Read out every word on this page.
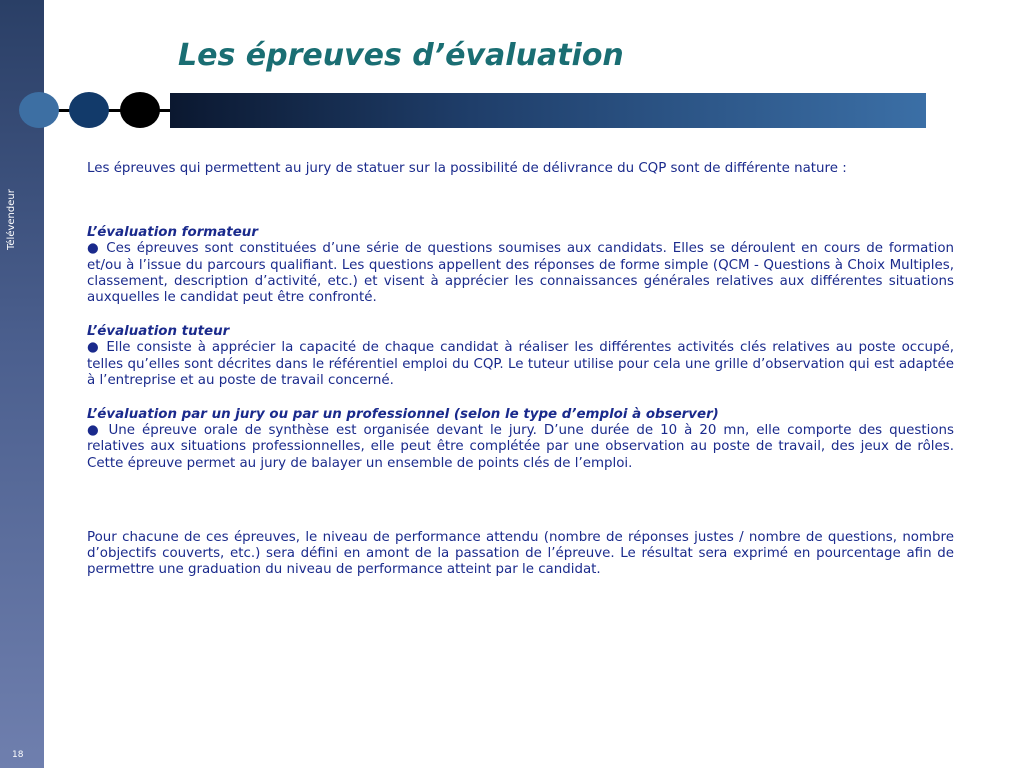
Télévendeur
18
Les épreuves d’évaluation

Les épreuves qui permettent au jury de statuer sur la possibilité de délivrance du CQP sont de différente nature :

L’évaluation formateur

● Ces épreuves sont constituées d’une série de questions soumises aux candidats. Elles se déroulent en cours de formation et/ou à l’issue du parcours qualifiant. Les questions appellent des réponses de forme simple (QCM - Questions à Choix Multiples, classement, description d’activité, etc.) et visent à apprécier les connaissances générales relatives aux différentes situations auxquelles le candidat peut être confronté.

L’évaluation tuteur

● Elle consiste à apprécier la capacité de chaque candidat à réaliser les différentes activités clés relatives au poste occupé, telles qu’elles sont décrites dans le référentiel emploi du CQP. Le tuteur utilise pour cela une grille d’observation qui est adaptée à l’entreprise et au poste de travail concerné.

L’évaluation par un jury ou par un professionnel (selon le type d’emploi à observer)

● Une épreuve orale de synthèse est organisée devant le jury. D’une durée de 10 à 20 mn, elle comporte des questions relatives aux situations professionnelles, elle peut être complétée par une observation au poste de travail, des jeux de rôles. Cette épreuve permet au jury de balayer un ensemble de points clés de l’emploi.

Pour chacune de ces épreuves, le niveau de performance attendu (nombre de réponses justes / nombre de questions, nombre d’objectifs couverts, etc.) sera défini en amont de la passation de l’épreuve. Le résultat sera exprimé en pourcentage afin de permettre une graduation du niveau de performance atteint par le candidat.
